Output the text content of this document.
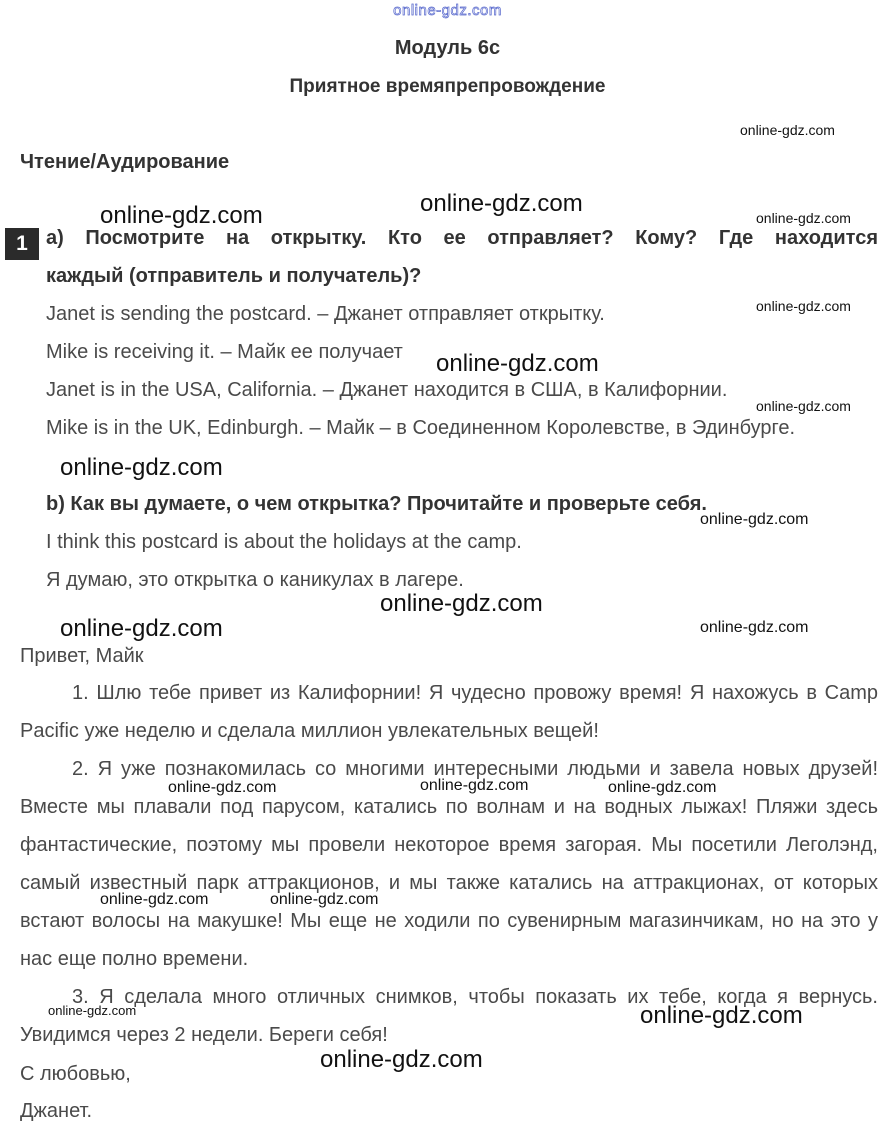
online-gdz.com
Модуль 6c
Приятное времяпрепровождение
Чтение/Аудирование
1 a) Посмотрите на открытку. Кто ее отправляет? Кому? Где находится
каждый (отправитель и получатель)?
Janet is sending the postcard. – Джанет отправляет открытку.
Mike is receiving it. – Майк ее получает
Janet is in the USA, California. – Джанет находится в США, в Калифорнии.
Mike is in the UK, Edinburgh. – Майк – в Соединенном Королевстве, в Эдинбурге.
b) Как вы думаете, о чем открытка? Прочитайте и проверьте себя.
I think this postcard is about the holidays at the camp.
Я думаю, это открытка о каникулах в лагере.
Привет, Майк
1. Шлю тебе привет из Калифорнии! Я чудесно провожу время! Я нахожусь в Camp Pacific уже неделю и сделала миллион увлекательных вещей!
2. Я уже познакомилась со многими интересными людьми и завела новых друзей! Вместе мы плавали под парусом, катались по волнам и на водных лыжах! Пляжи здесь фантастические, поэтому мы провели некоторое время загорая. Мы посетили Леголэнд, самый известный парк аттракционов, и мы также катались на аттракционах, от которых встают волосы на макушке! Мы еще не ходили по сувенирным магазинчикам, но на это у нас еще полно времени.
3. Я сделала много отличных снимков, чтобы показать их тебе, когда я вернусь. Увидимся через 2 недели. Береги себя!
С любовью,
Джанет.
online-gdz.com
online-gdz.com	online-gdz.com
online-gdz.com
online-gdz.com
online-gdz.com
online-gdz.com
online-gdz.com
online-gdz.com
online-gdz.com
online-gdz.com	online-gdz.com
online-gdz.com	online-gdz.com	online-gdz.com
online-gdz.com	online-gdz.com
online-gdz.com	online-gdz.com
online-gdz.com
